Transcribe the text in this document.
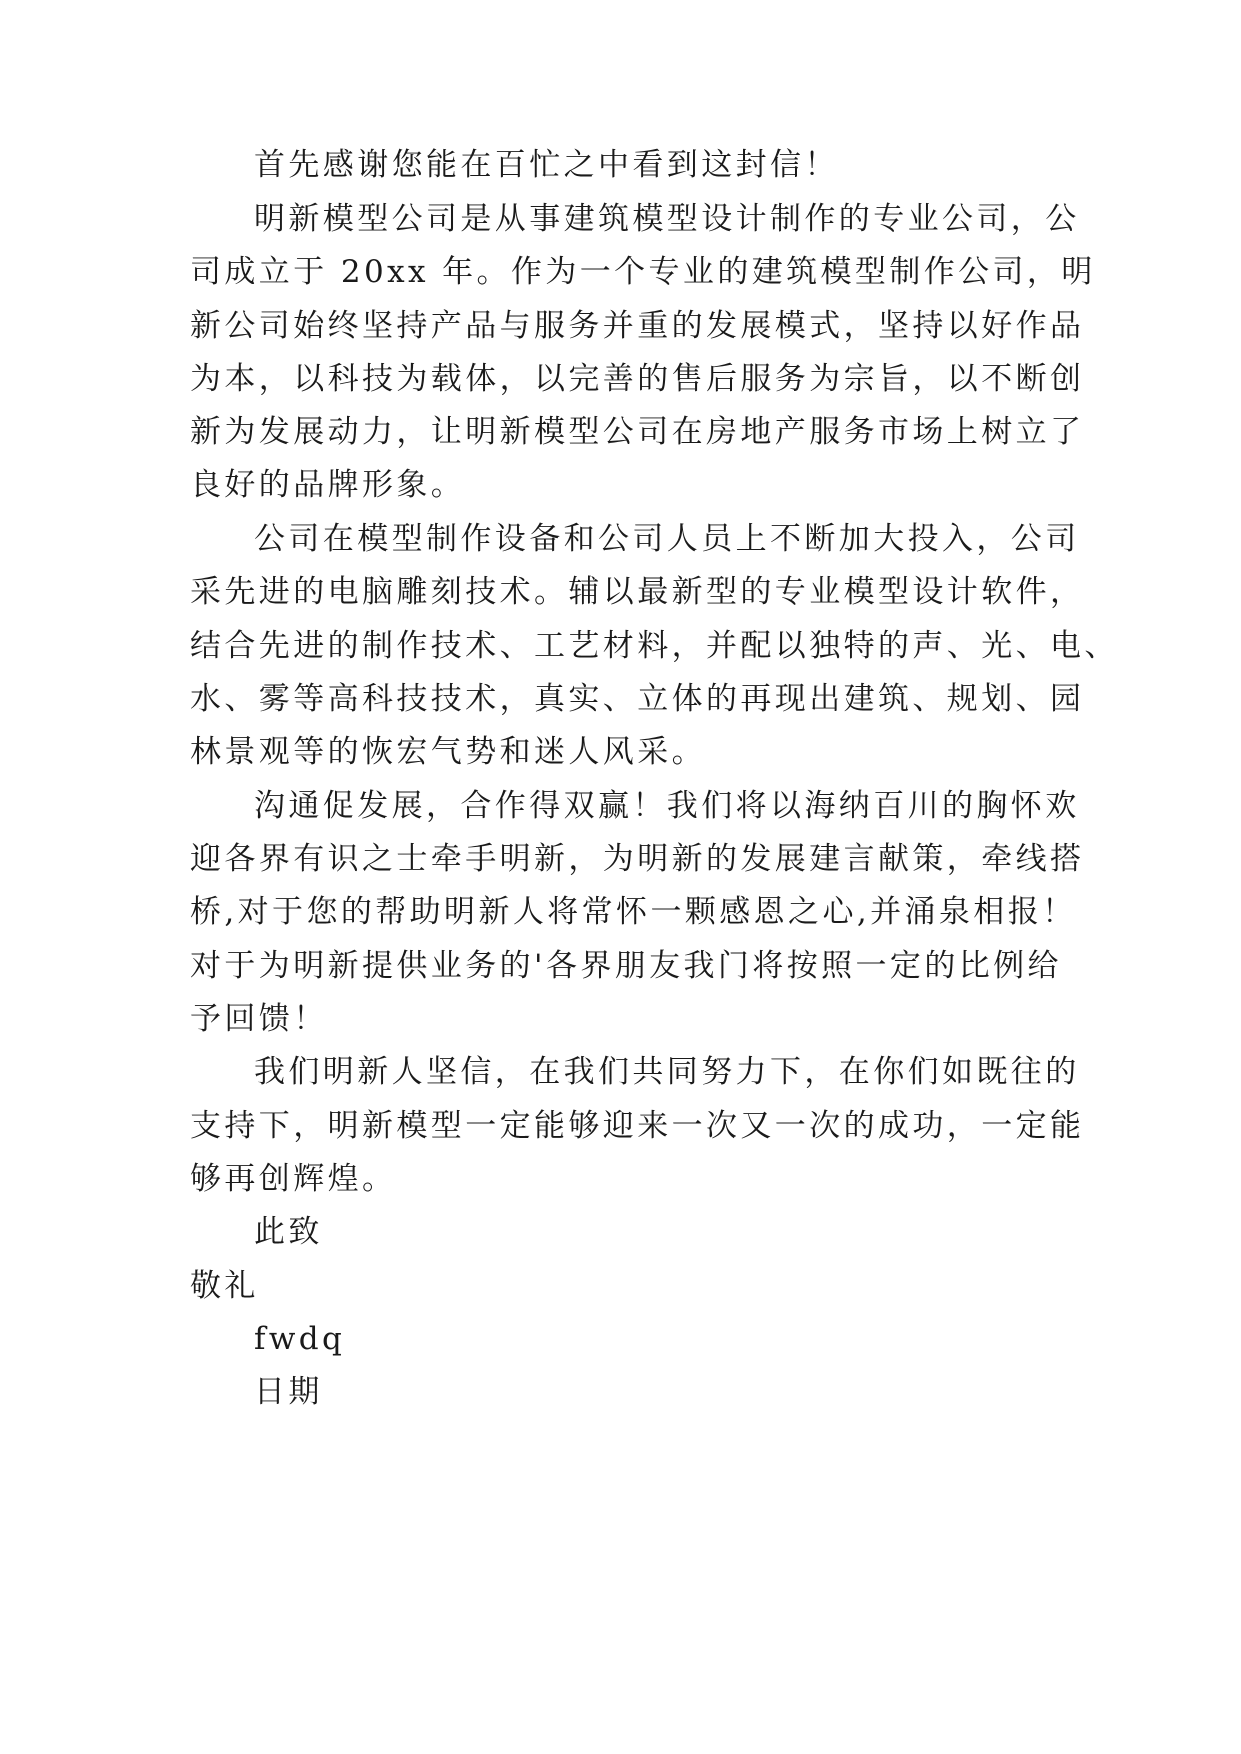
首先感谢您能在百忙之中看到这封信！
明新模型公司是从事建筑模型设计制作的专业公司，公
司成立于 20xx 年。作为一个专业的建筑模型制作公司，明
新公司始终坚持产品与服务并重的发展模式，坚持以好作品
为本，以科技为载体，以完善的售后服务为宗旨，以不断创
新为发展动力，让明新模型公司在房地产服务市场上树立了
良好的品牌形象。
公司在模型制作设备和公司人员上不断加大投入，公司
采先进的电脑雕刻技术。辅以最新型的专业模型设计软件，
结合先进的制作技术、工艺材料，并配以独特的声、光、电、
水、雾等高科技技术，真实、立体的再现出建筑、规划、园
林景观等的恢宏气势和迷人风采。
沟通促发展，合作得双赢！我们将以海纳百川的胸怀欢
迎各界有识之士牵手明新，为明新的发展建言献策，牵线搭
桥,对于您的帮助明新人将常怀一颗感恩之心,并涌泉相报！
对于为明新提供业务的'各界朋友我门将按照一定的比例给
予回馈！
我们明新人坚信，在我们共同努力下，在你们如既往的
支持下，明新模型一定能够迎来一次又一次的成功，一定能
够再创辉煌。
此致
敬礼
fwdq
日期
